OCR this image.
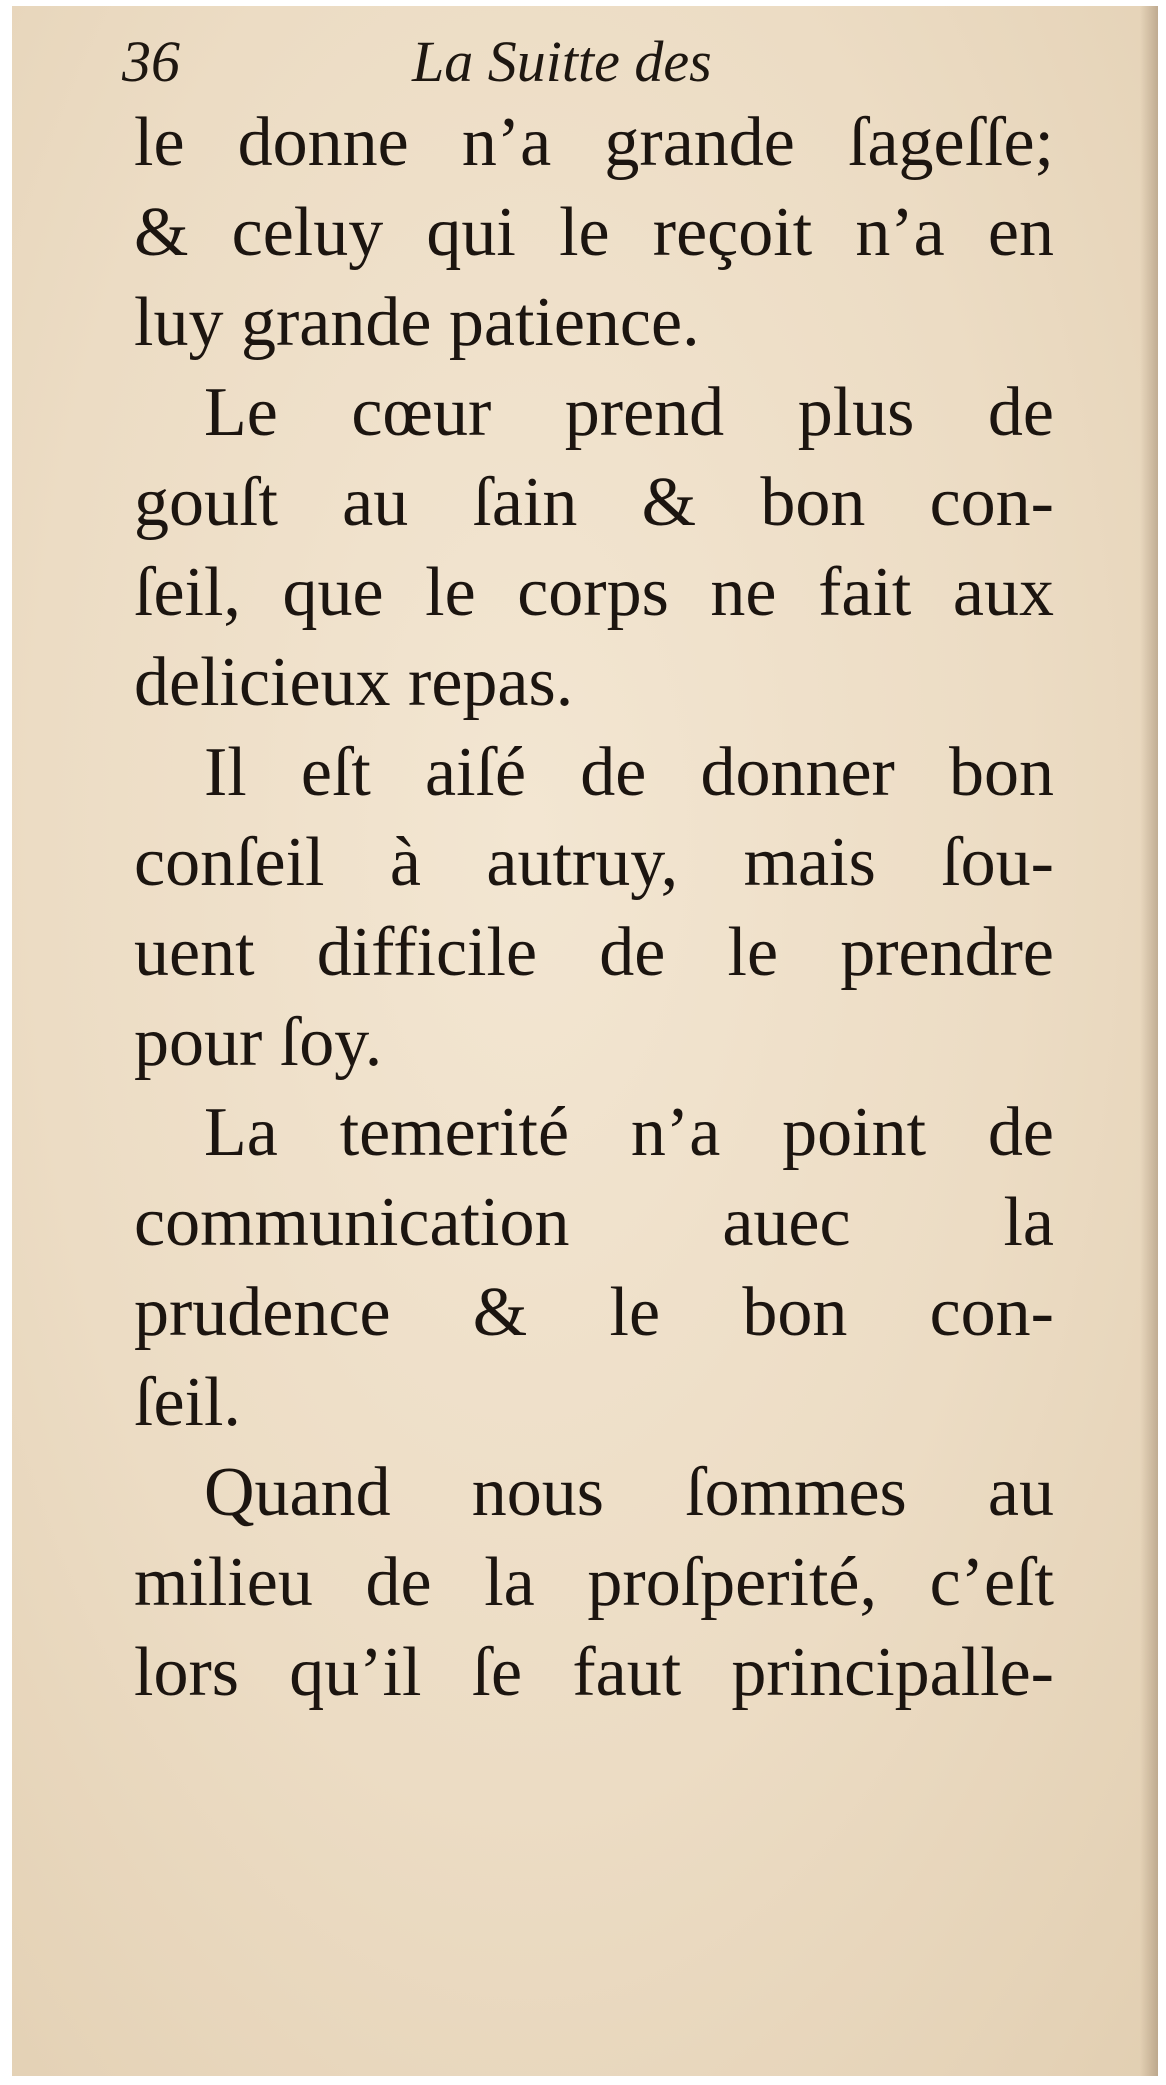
36	La Suitte des
le donne n’a grande ſageſſe;
& celuy qui le reçoit n’a en
luy grande patience.
Le cœur prend plus de
gouſt au ſain & bon con-
ſeil, que le corps ne fait aux
delicieux repas.
Il eſt aiſé de donner bon
conſeil à autruy, mais ſou-
uent difficile de le prendre
pour ſoy.
La temerité n’a point de
communication auec la
prudence & le bon con-
ſeil.
Quand nous ſommes au
milieu de la proſperité, c’eſt
lors qu’il ſe faut principalle-
